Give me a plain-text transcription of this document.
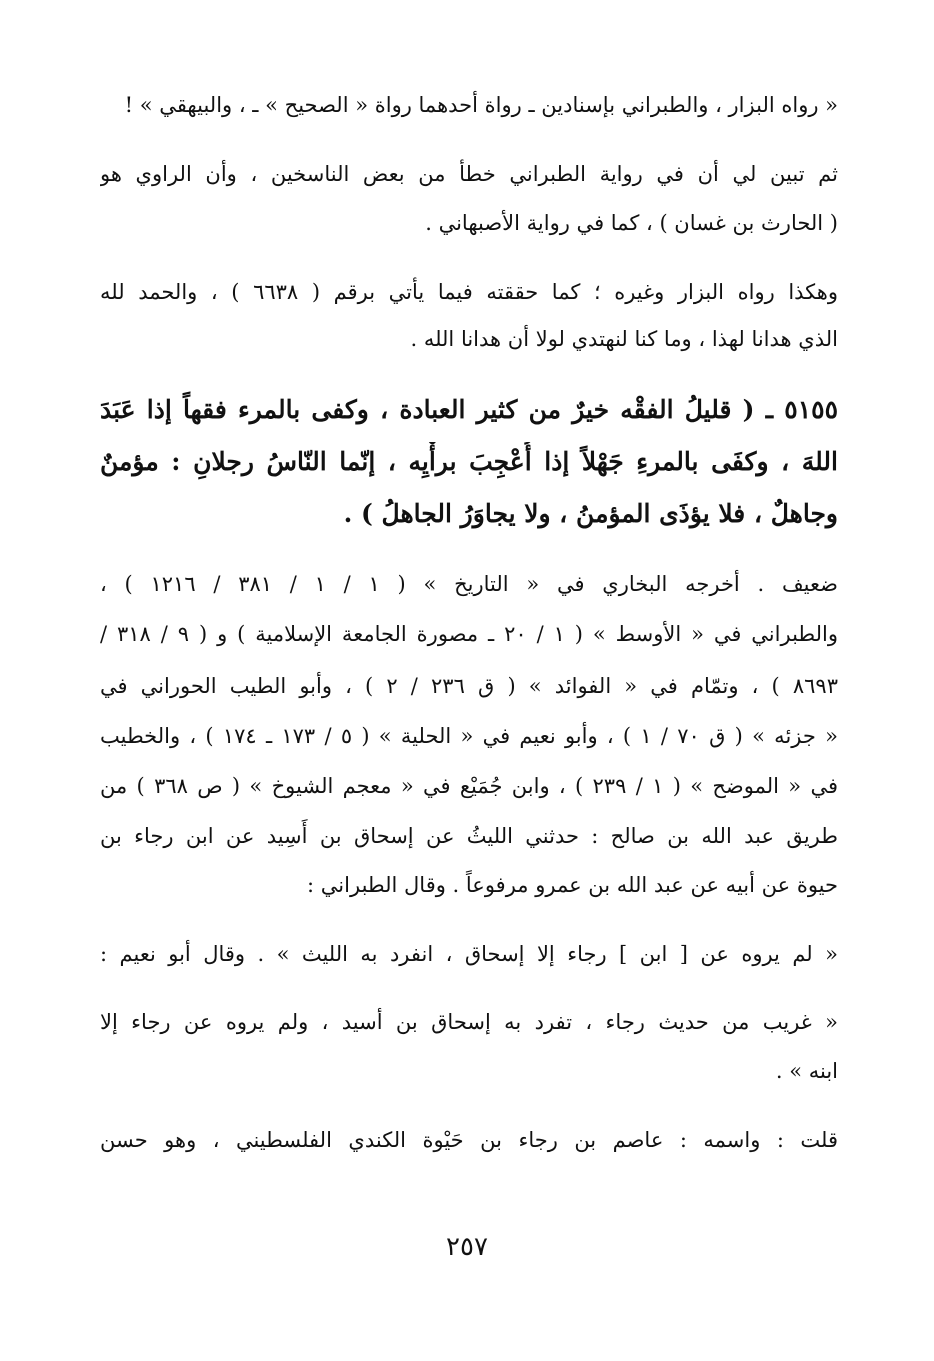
« رواه البزار ، والطبراني بإسنادين ـ رواة أحدهما رواة « الصحيح » ـ ، والبيهقي » !
ثم تبين لي أن في رواية الطبراني خطأ من بعض الناسخين ، وأن الراوي هو
( الحارث بن غسان ) ، كما في رواية الأصبهاني .
وهكذا رواه البزار وغيره ؛ كما حققته فيما يأتي برقم ( ٦٦٣٨ ) ، والحمد لله
الذي هدانا لهذا ، وما كنا لنهتدي لولا أن هدانا الله .
٥١٥٥ ـ ( قليلُ الفقْه خيرٌ من كثير العبادة ، وكفى بالمرء فقهاً إذا عَبَدَ
اللهَ ، وكفَى بالمرءِ جَهْلاً إذا أُعْجِبَ برأْيِه ، إنّما النّاسُ رجلانِ : مؤمنٌ
وجاهلٌ ، فلا يؤذَى المؤمنُ ، ولا يجاوَرُ الجاهلُ ) .
ضعيف . أخرجه البخاري في « التاريخ » ( ١ / ١ / ٣٨١ / ١٢١٦ ) ،
والطبراني في « الأوسط » ( ١ / ٢٠ ـ مصورة الجامعة الإسلامية ) و ( ٩ / ٣١٨ /
٨٦٩٣ ) ، وتمّام في « الفوائد » ( ق ٢٣٦ / ٢ ) ، وأبو الطيب الحوراني في
« جزئه » ( ق ٧٠ / ١ ) ، وأبو نعيم في « الحلية » ( ٥ / ١٧٣ ـ ١٧٤ ) ، والخطيب
في « الموضح » ( ١ / ٢٣٩ ) ، وابن جُمَيْع في « معجم الشيوخ » ( ص ٣٦٨ ) من
طريق عبد الله بن صالح : حدثني الليثُ عن إسحاق بن أَسِيد عن ابن رجاء بن
حيوة عن أبيه عن عبد الله بن عمرو مرفوعاً . وقال الطبراني :
« لم يروه عن [ ابن ] رجاء إلا إسحاق ، انفرد به الليث » . وقال أبو نعيم :
« غريب من حديث رجاء ، تفرد به إسحاق بن أسيد ، ولم يروه عن رجاء إلا
ابنه » .
قلت : واسمه : عاصم بن رجاء بن حَيْوة الكندي الفلسطيني ، وهو حسن
٢٥٧
